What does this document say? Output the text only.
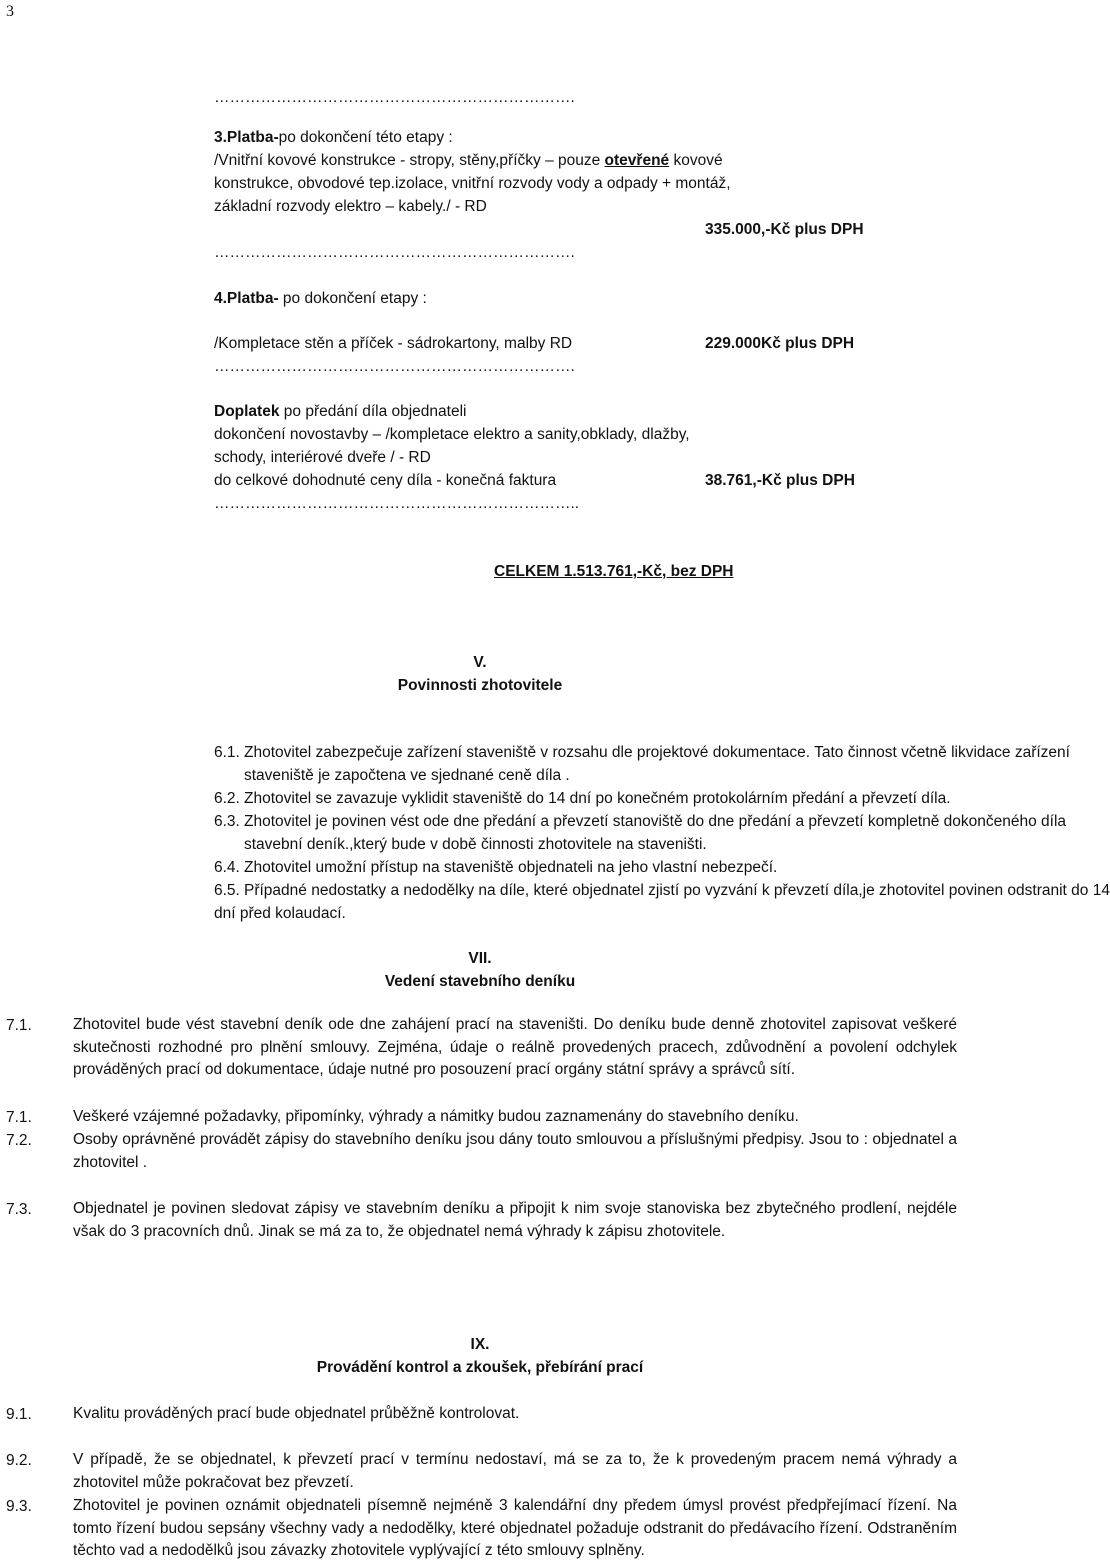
3
…………………………………………………………….
3.Platba-po dokončení této etapy :
/Vnitřní kovové konstrukce - stropy, stěny,příčky – pouze otevřené kovové
konstrukce, obvodové tep.izolace, vnitřní rozvody vody a odpady + montáž,
základní rozvody elektro – kabely./ - RD
335.000,-Kč plus DPH
…………………………………………………………….
4.Platba- po dokončení etapy :
/Kompletace stěn a příček - sádrokartony, malby RD	229.000Kč plus DPH
…………………………………………………………….
Doplatek po předání díla objednateli
dokončení novostavby – /kompletace elektro a sanity,obklady, dlažby,
schody, interiérové dveře / - RD
do celkové dohodnuté ceny díla - konečná faktura	38.761,-Kč plus DPH
……………………………………………………………..
CELKEM 1.513.761,-Kč, bez DPH
V.
Povinnosti zhotovitele
6.1. Zhotovitel zabezpečuje zařízení staveniště v rozsahu dle projektové dokumentace. Tato činnost včetně likvidace zařízení
staveniště je započtena ve sjednané ceně díla .
6.2. Zhotovitel se zavazuje vyklidit staveniště do 14 dní po konečném protokolárním předání a převzetí díla.
6.3. Zhotovitel je povinen vést ode dne předání a převzetí stanoviště do dne předání a převzetí kompletně dokončeného díla
stavební deník.,který bude v době činnosti zhotovitele na staveništi.
6.4. Zhotovitel umožní přístup na staveniště objednateli na jeho vlastní nebezpečí.
6.5. Případné nedostatky a nedodělky na díle, které objednatel zjistí po vyzvání k převzetí díla,je zhotovitel povinen odstranit do 14
dní před kolaudací.
VII.
Vedení stavebního deníku
7.1.	Zhotovitel bude vést stavební deník ode dne zahájení prací na staveništi. Do deníku bude denně zhotovitel zapisovat veškeré skutečnosti rozhodné pro plnění smlouvy. Zejména, údaje o reálně provedených pracech, zdůvodnění a povolení odchylek prováděných prací od dokumentace, údaje nutné pro posouzení prací orgány státní správy a správců sítí.
7.1.	Veškeré vzájemné požadavky, připomínky, výhrady a námitky budou zaznamenány do stavebního deníku.
7.2.	Osoby oprávněné provádět zápisy do stavebního deníku jsou dány touto smlouvou a příslušnými předpisy. Jsou to : objednatel a zhotovitel .
7.3.	Objednatel je povinen sledovat zápisy ve stavebním deníku a připojit k nim svoje stanoviska bez zbytečného prodlení, nejdéle však do 3 pracovních dnů. Jinak se má za to, že objednatel nemá výhrady k zápisu zhotovitele.
IX.
Provádění kontrol a zkoušek, přebírání prací
9.1.	Kvalitu prováděných prací bude objednatel průběžně kontrolovat.
9.2.	V případě, že se objednatel, k převzetí prací v termínu nedostaví, má se za to, že k provedeným pracem nemá výhrady a zhotovitel může pokračovat bez převzetí.
9.3.	Zhotovitel je povinen oznámit objednateli písemně nejméně 3 kalendářní dny předem úmysl provést předpřejímací řízení. Na tomto řízení budou sepsány všechny vady a nedodělky, které objednatel požaduje odstranit do předávacího řízení. Odstraněním těchto vad a nedodělků jsou závazky zhotovitele vyplývající z této smlouvy splněny.
